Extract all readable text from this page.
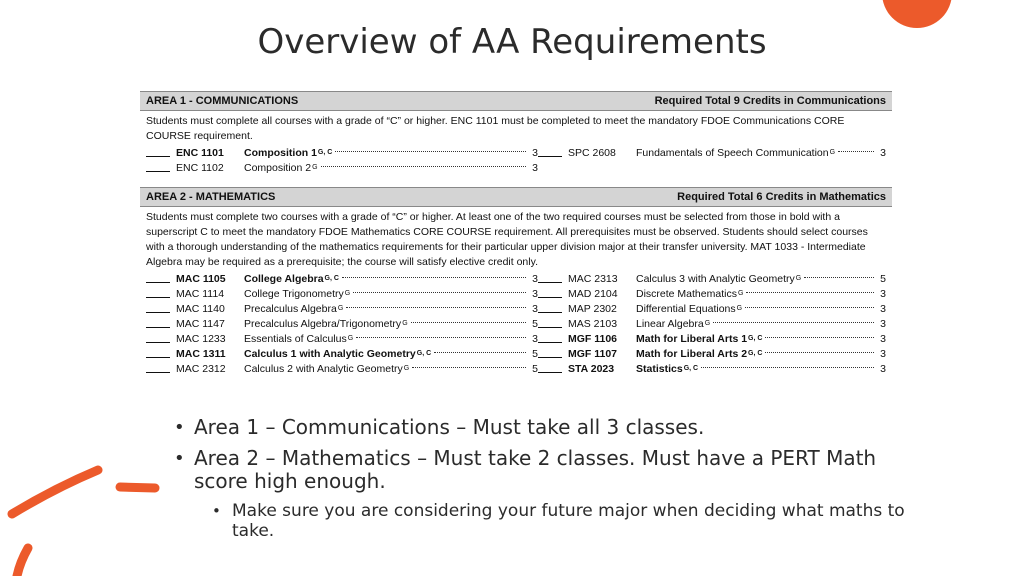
Overview of AA Requirements
AREA 1 - COMMUNICATIONS	Required Total 9 Credits in Communications
Students must complete all courses with a grade of “C” or higher. ENC 1101 must be completed to meet the mandatory FDOE Communications CORE COURSE requirement.
ENC 1101	Composition 1 G, C	3
ENC 1102	Composition 2 G	3
SPC 2608	Fundamentals of Speech Communication G	3
AREA 2 - MATHEMATICS	Required Total 6 Credits in Mathematics
Students must complete two courses with a grade of “C” or higher. At least one of the two required courses must be selected from those in bold with a superscript C to meet the mandatory FDOE Mathematics CORE COURSE requirement. All prerequisites must be observed. Students should select courses with a thorough understanding of the mathematics requirements for their particular upper division major at their transfer university. MAT 1033 - Intermediate Algebra may be required as a prerequisite; the course will satisfy elective credit only.
MAC 1105	College Algebra G, C	3
MAC 1114	College Trigonometry G	3
MAC 1140	Precalculus Algebra G	3
MAC 1147	Precalculus Algebra/Trigonometry G	5
MAC 1233	Essentials of Calculus G	3
MAC 1311	Calculus 1 with Analytic Geometry G, C	5
MAC 2312	Calculus 2 with Analytic Geometry G	5
MAC 2313	Calculus 3 with Analytic Geometry G	5
MAD 2104	Discrete Mathematics G	3
MAP 2302	Differential Equations G	3
MAS 2103	Linear Algebra G	3
MGF 1106	Math for Liberal Arts 1 G, C	3
MGF 1107	Math for Liberal Arts 2 G, C	3
STA 2023	Statistics G, C	3
• Area 1 – Communications – Must take all 3 classes.
• Area 2 – Mathematics – Must take 2 classes. Must have a PERT Math score high enough.
• Make sure you are considering your future major when deciding what maths to take.
